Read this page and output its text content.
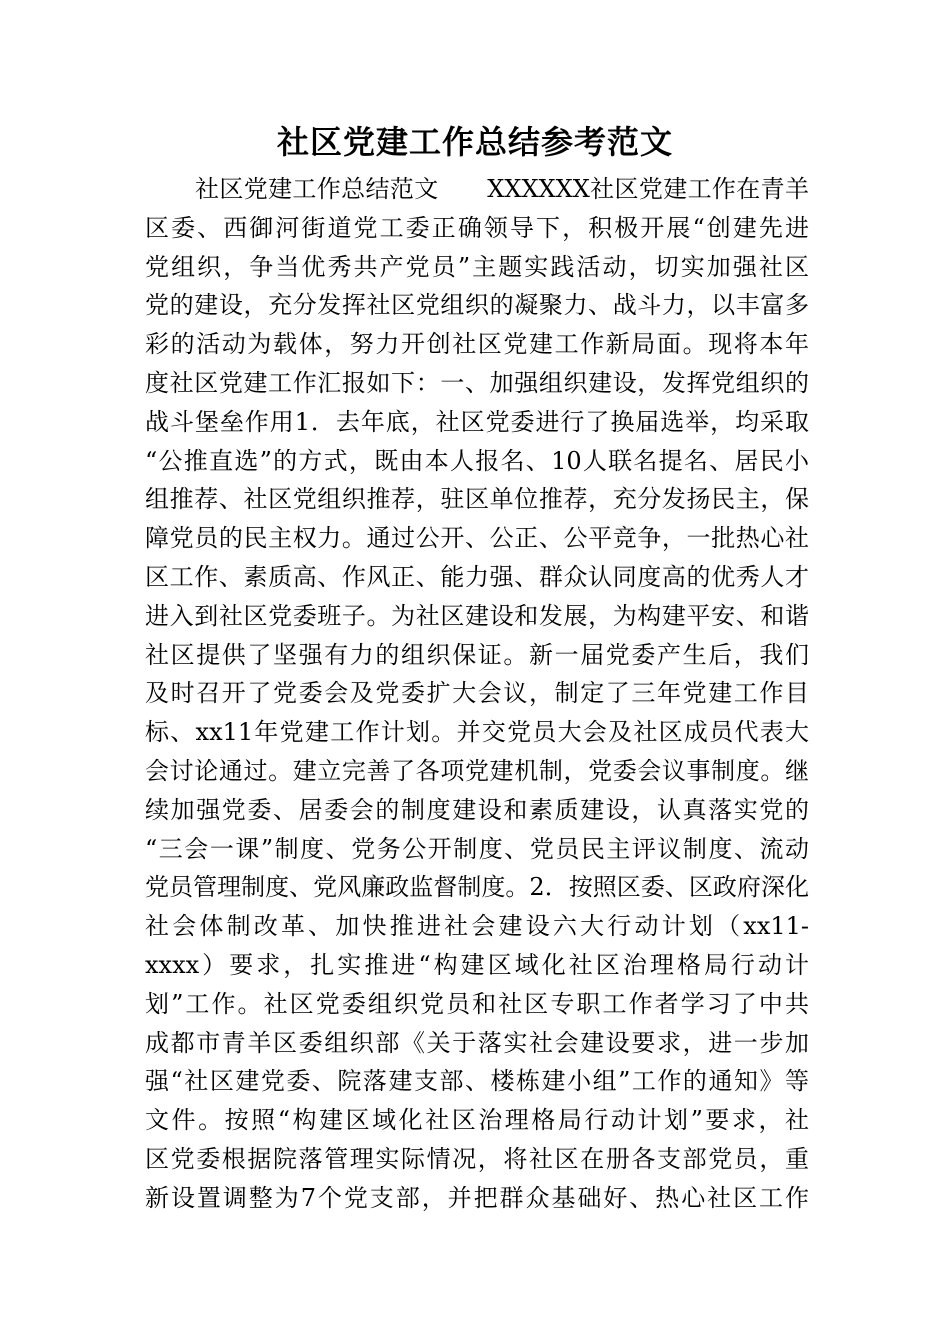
社区党建工作总结参考范文
社区党建工作总结范文　　XXXXXX社区党建工作在青羊
区委、西御河街道党工委正确领导下，积极开展“创建先进
党组织，争当优秀共产党员”主题实践活动，切实加强社区
党的建设，充分发挥社区党组织的凝聚力、战斗力，以丰富多
彩的活动为载体，努力开创社区党建工作新局面。现将本年
度社区党建工作汇报如下：一、加强组织建设，发挥党组织的
战斗堡垒作用1．去年底，社区党委进行了换届选举，均采取
“公推直选”的方式，既由本人报名、10人联名提名、居民小
组推荐、社区党组织推荐，驻区单位推荐，充分发扬民主，保
障党员的民主权力。通过公开、公正、公平竞争，一批热心社
区工作、素质高、作风正、能力强、群众认同度高的优秀人才
进入到社区党委班子。为社区建设和发展，为构建平安、和谐
社区提供了坚强有力的组织保证。新一届党委产生后，我们
及时召开了党委会及党委扩大会议，制定了三年党建工作目
标、xx11年党建工作计划。并交党员大会及社区成员代表大
会讨论通过。建立完善了各项党建机制，党委会议事制度。继
续加强党委、居委会的制度建设和素质建设，认真落实党的
“三会一课”制度、党务公开制度、党员民主评议制度、流动
党员管理制度、党风廉政监督制度。2．按照区委、区政府深化
社会体制改革、加快推进社会建设六大行动计划（xx11-
xxxx）要求，扎实推进“构建区域化社区治理格局行动计
划”工作。社区党委组织党员和社区专职工作者学习了中共
成都市青羊区委组织部《关于落实社会建设要求，进一步加
强“社区建党委、院落建支部、楼栋建小组”工作的通知》等
文件。按照“构建区域化社区治理格局行动计划”要求，社
区党委根据院落管理实际情况，将社区在册各支部党员，重
新设置调整为7个党支部，并把群众基础好、热心社区工作
